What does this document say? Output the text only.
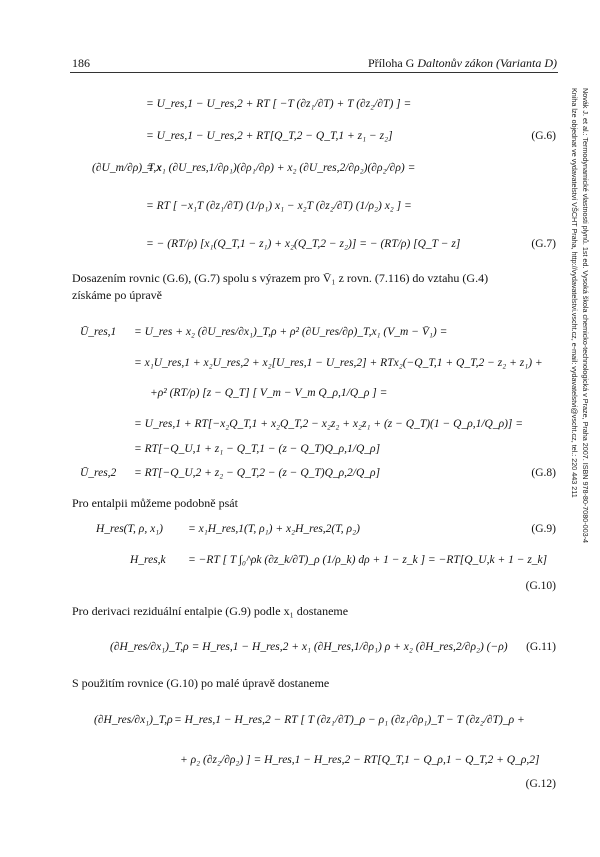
186	Příloha G Daltonův zákon (Varianta D)
Novák J. et al.: Termodynamické vlastnosti plynů. 1st ed. Vysoká škola chemicko-technologická v Praze, Praha 2007. ISBN 978-80-7080-003-4
Kniha lze objednat ve vydavatelství VŠCHT Praha, http://vydavatelstvi.vscht.cz, e-mail: vydavatelstvi@vscht.cz, tel.: 220 443 211
= U_res,1 − U_res,2 + RT [ −T (∂z₁/∂T) + T (∂z₂/∂T) ] =
= U_res,1 − U_res,2 + RT[Q_T,2 − Q_T,1 + z₁ − z₂]	(G.6)
(∂U_m/∂ρ)_T,x
= x₁ (∂U_res,1/∂ρ₁)(∂ρ₁/∂ρ) + x₂ (∂U_res,2/∂ρ₂)(∂ρ₂/∂ρ) =
= RT [ −x₁T (∂z₁/∂T) (1/ρ₁) x₁ − x₂T (∂z₂/∂T) (1/ρ₂) x₂ ] =
= − (RT/ρ) [x₁(Q_T,1 − z₁) + x₂(Q_T,2 − z₂)] = − (RT/ρ) [Q_T − z]	(G.7)
Dosazením rovnic (G.6), (G.7) spolu s výrazem pro V̄₁ z rovn. (7.116) do vztahu (G.4)
získáme po úpravě
Ū_res,1 = U_res + x₂ (∂U_res/∂x₁)_T,ρ + ρ² (∂U_res/∂ρ)_T,x₁ (V_m − V̄₁) =
= x₁U_res,1 + x₂U_res,2 + x₂[U_res,1 − U_res,2] + RTx₂(−Q_T,1 + Q_T,2 − z₂ + z₁) +
+ρ² (RT/ρ) [z − Q_T] [ V_m − V_m Q_ρ,1/Q_ρ ] =
= U_res,1 + RT[−x₂Q_T,1 + x₂Q_T,2 − x₂z₂ + x₂z₁ + (z − Q_T)(1 − Q_ρ,1/Q_ρ)] =
= RT[−Q_U,1 + z₁ − Q_T,1 − (z − Q_T)Q_ρ,1/Q_ρ]
Ū_res,2 = RT[−Q_U,2 + z₂ − Q_T,2 − (z − Q_T)Q_ρ,2/Q_ρ]	(G.8)
Pro entalpii můžeme podobně psát
H_res(T, ρ, x₁) = x₁H_res,1(T, ρ₁) + x₂H_res,2(T, ρ₂)	(G.9)
H_res,k = −RT [ T ∫₀^ρk (∂z_k/∂T)_ρ (1/ρ_k) dρ + 1 − z_k ] = −RT[Q_U,k + 1 − z_k]
(G.10)
Pro derivaci reziduální entalpie (G.9) podle x₁ dostaneme
(∂H_res/∂x₁)_T,ρ = H_res,1 − H_res,2 + x₁ (∂H_res,1/∂ρ₁) ρ + x₂ (∂H_res,2/∂ρ₂) (−ρ) (G.11)
S použitím rovnice (G.10) po malé úpravě dostaneme
(∂H_res/∂x₁)_T,ρ = H_res,1 − H_res,2 − RT [ T (∂z₁/∂T)_ρ − ρ₁ (∂z₁/∂ρ₁)_T − T (∂z₂/∂T)_ρ +
+ ρ₂ (∂z₂/∂ρ₂) ] = H_res,1 − H_res,2 − RT[Q_T,1 − Q_ρ,1 − Q_T,2 + Q_ρ,2]
(G.12)
